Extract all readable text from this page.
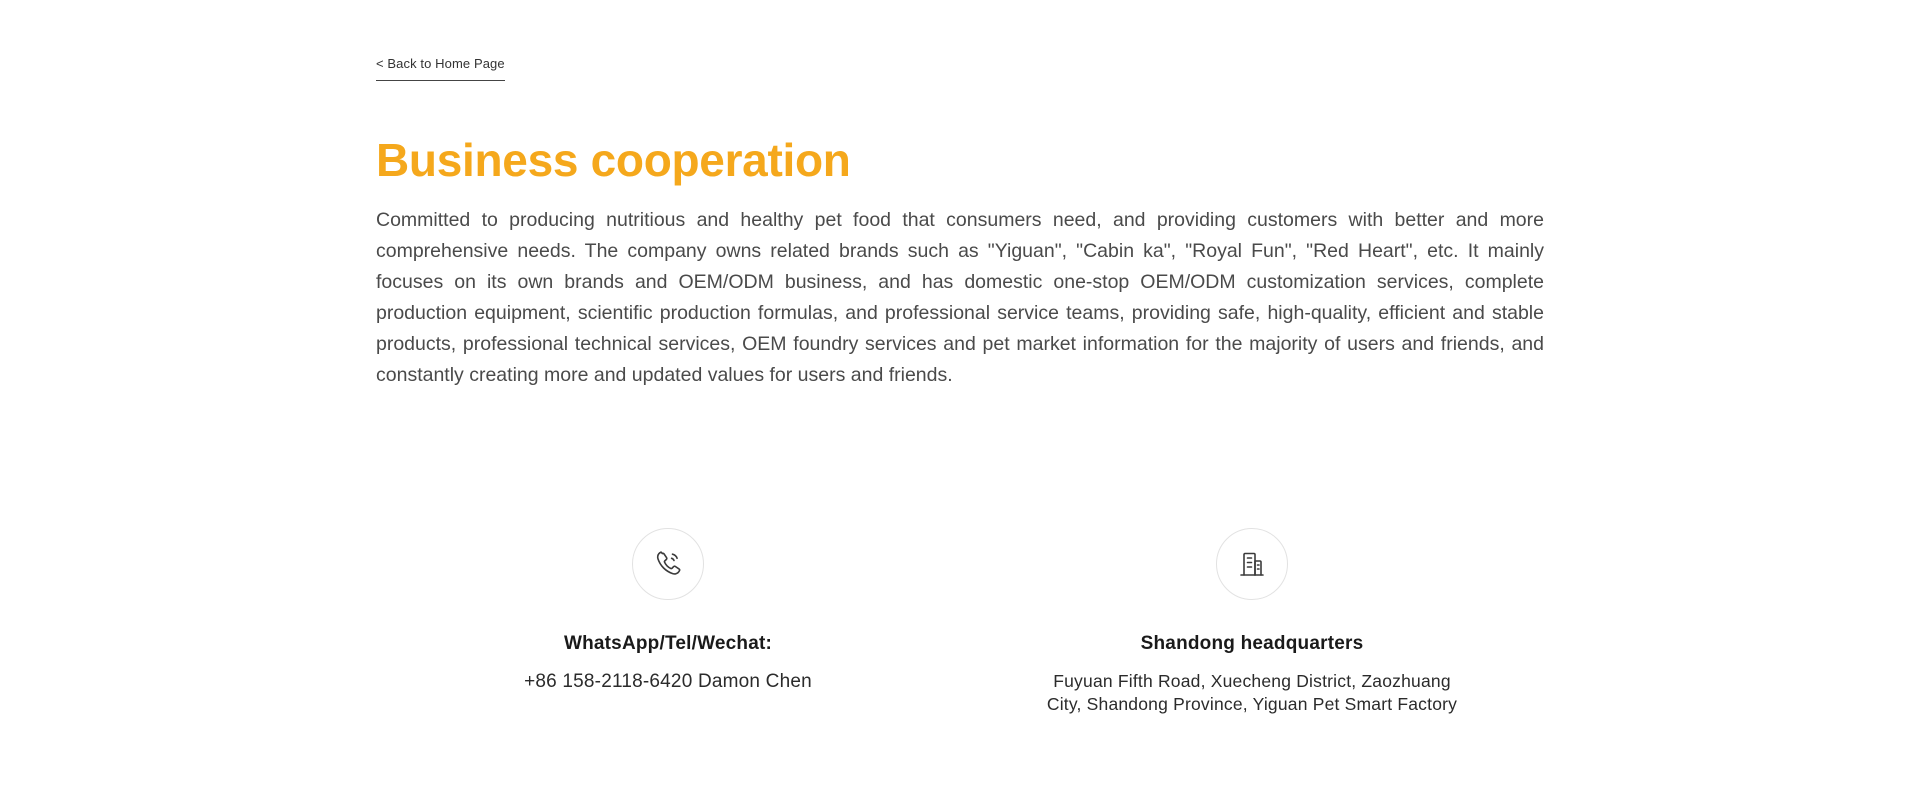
< Back to Home Page
Business cooperation

Committed to producing nutritious and healthy pet food that consumers need, and providing customers with better and more comprehensive needs. The company owns related brands such as "Yiguan", "Cabin ka", "Royal Fun", "Red Heart", etc. It mainly focuses on its own brands and OEM/ODM business, and has domestic one-stop OEM/ODM customization services, complete production equipment, scientific production formulas, and professional service teams, providing safe, high-quality, efficient and stable products, professional technical services, OEM foundry services and pet market information for the majority of users and friends, and constantly creating more and updated values for users and friends.

WhatsApp/Tel/Wechat:
+86 158-2118-6420 Damon Chen
Shandong headquarters
Fuyuan Fifth Road, Xuecheng District, Zaozhuang City, Shandong Province, Yiguan Pet Smart Factory
